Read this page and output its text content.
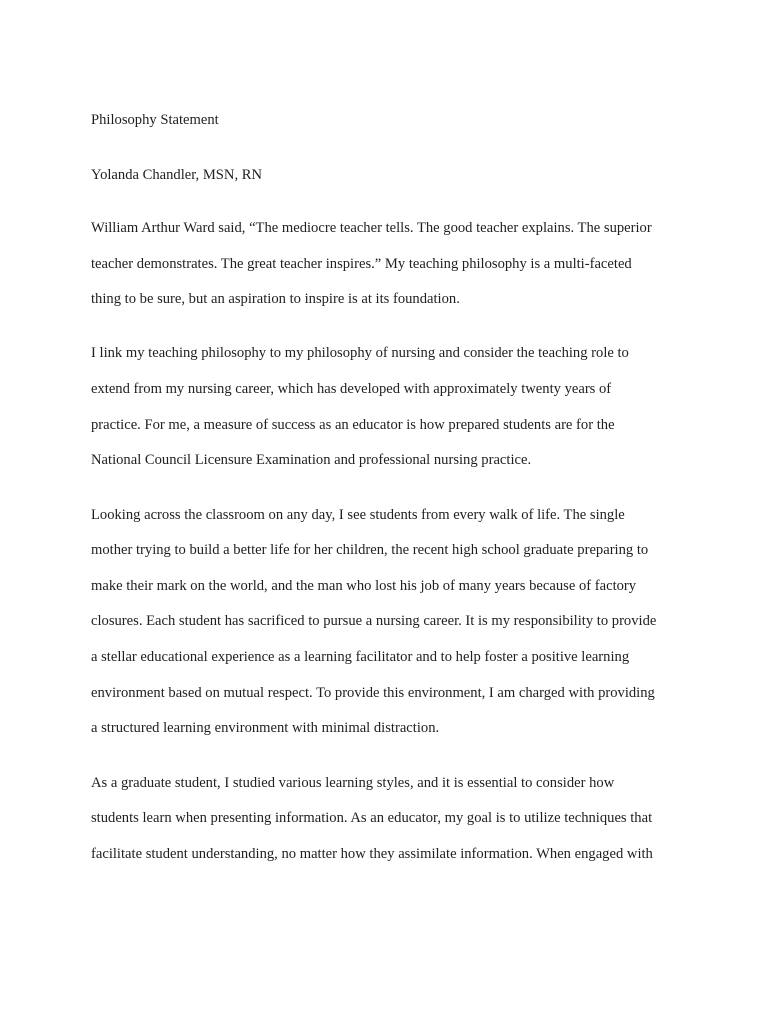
Philosophy Statement

Yolanda Chandler, MSN, RN

William Arthur Ward said, “The mediocre teacher tells. The good teacher explains. The superior

teacher demonstrates. The great teacher inspires.” My teaching philosophy is a multi-faceted

thing to be sure, but an aspiration to inspire is at its foundation.

I link my teaching philosophy to my philosophy of nursing and consider the teaching role to

extend from my nursing career, which has developed with approximately twenty years of

practice. For me, a measure of success as an educator is how prepared students are for the

National Council Licensure Examination and professional nursing practice.

Looking across the classroom on any day, I see students from every walk of life. The single

mother trying to build a better life for her children, the recent high school graduate preparing to

make their mark on the world, and the man who lost his job of many years because of factory

closures. Each student has sacrificed to pursue a nursing career. It is my responsibility to provide

a stellar educational experience as a learning facilitator and to help foster a positive learning

environment based on mutual respect. To provide this environment, I am charged with providing

a structured learning environment with minimal distraction.

As a graduate student, I studied various learning styles, and it is essential to consider how

students learn when presenting information. As an educator, my goal is to utilize techniques that

facilitate student understanding, no matter how they assimilate information. When engaged with
